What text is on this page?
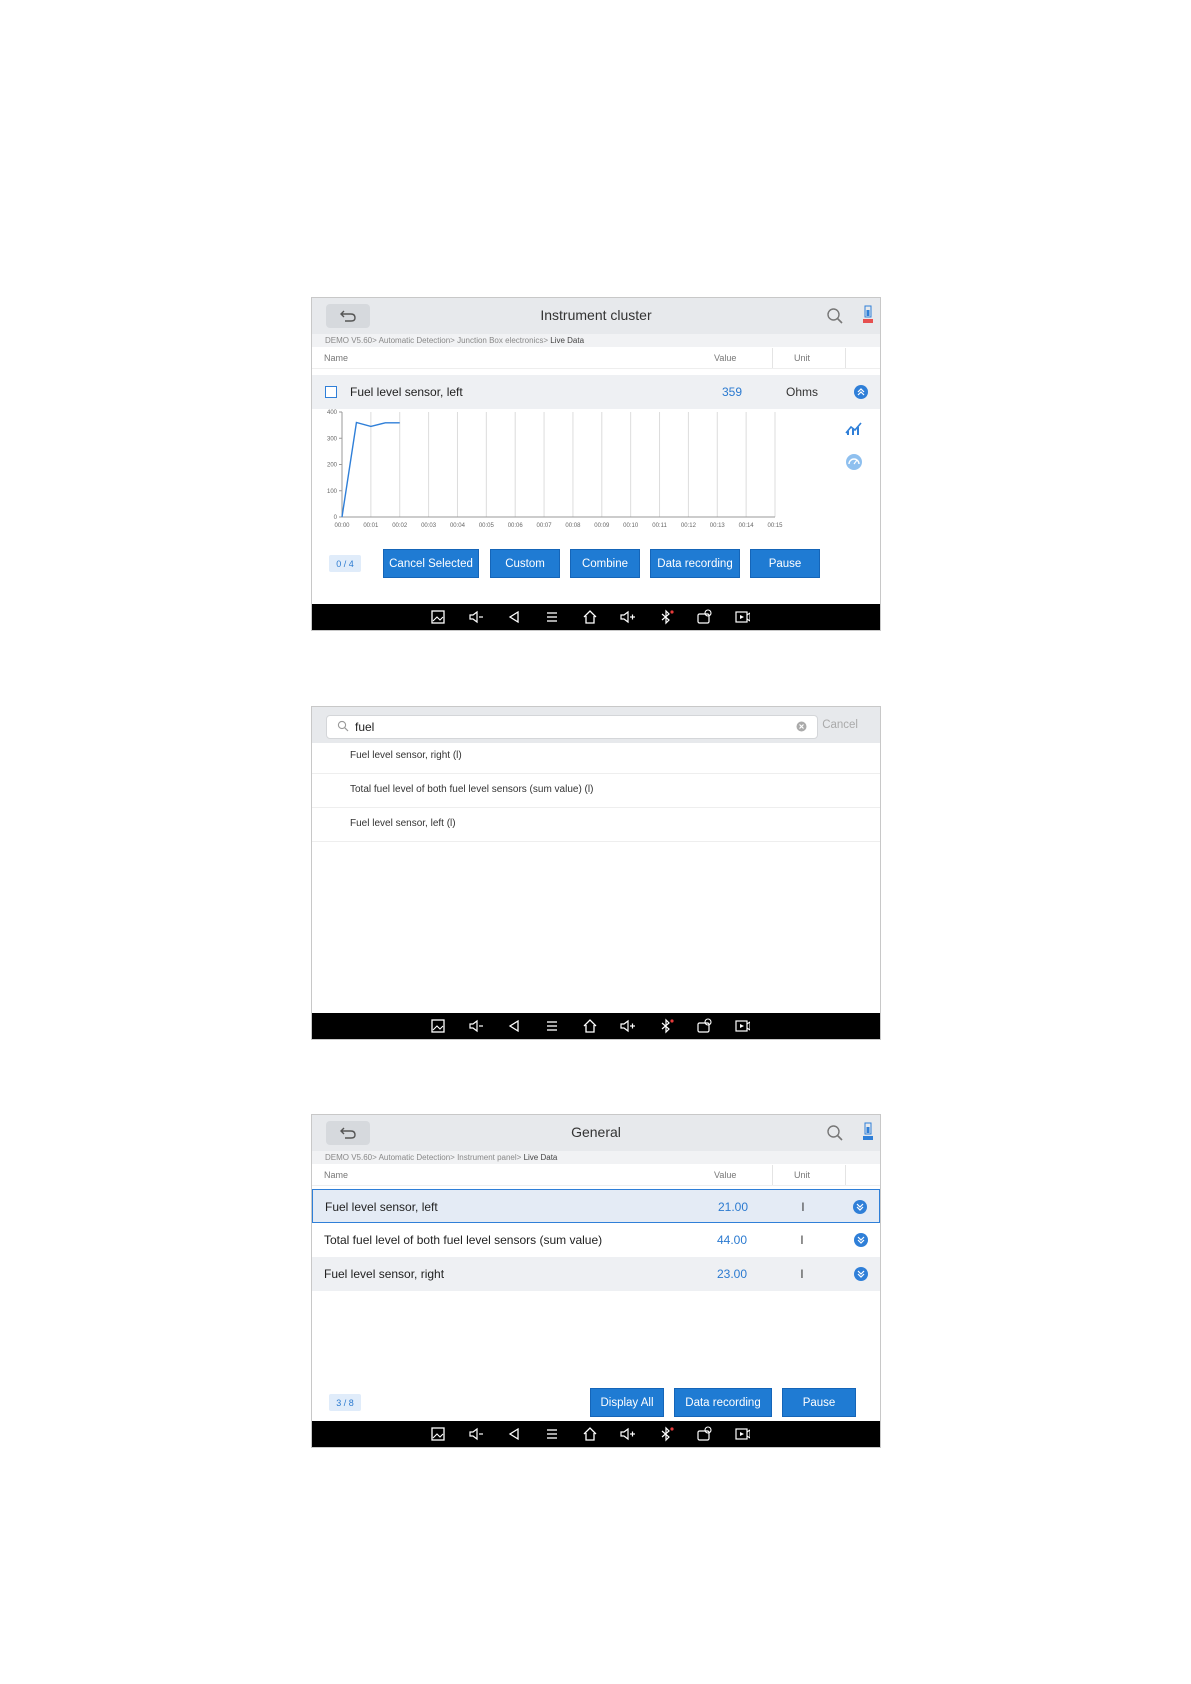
Instrument cluster
DEMO V5.60> Automatic Detection> Junction Box electronics> Live Data
Name	Value	Unit
Fuel level sensor, left	359	Ohms
00:00 00:01 00:02 00:03 00:04 00:05 00:06 00:07 00:08 00:09 00:10 00:11 00:12 00:13 00:14 00:15
0
100
200
300
400
0 / 4	Cancel Selected	Custom	Combine	Data recording	Pause
fuel	Cancel
Fuel level sensor, right (l)
Total fuel level of both fuel level sensors (sum value) (l)
Fuel level sensor, left (l)
General
DEMO V5.60> Automatic Detection> Instrument panel> Live Data
Name	Value	Unit
Fuel level sensor, left	21.00	l
Total fuel level of both fuel level sensors (sum value)	44.00	l
Fuel level sensor, right	23.00	l
3 / 8	Display All	Data recording	Pause
